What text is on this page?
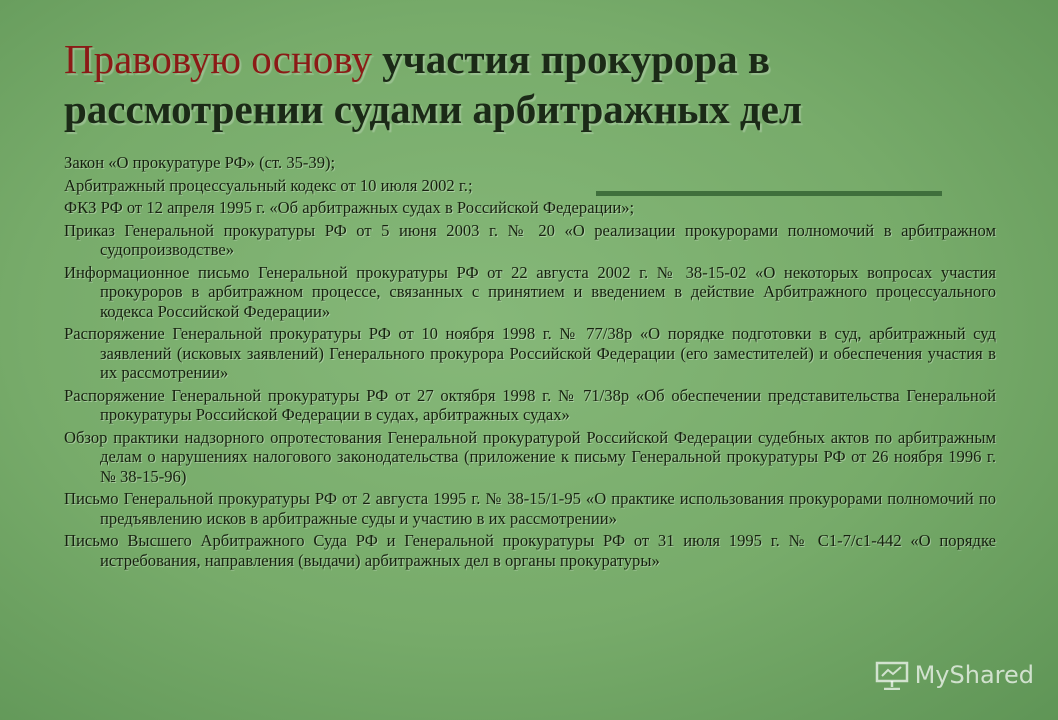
Правовую основу участия прокурора в рассмотрении судами арбитражных дел
Закон «О прокуратуре РФ» (ст. 35-39);
Арбитражный процессуальный кодекс от 10 июля 2002 г.;
ФКЗ РФ от 12 апреля 1995 г. «Об арбитражных судах в Российской Федерации»;
Приказ Генеральной прокуратуры РФ от 5 июня 2003 г. № 20 «О реализации прокурорами полномочий в арбитражном судопроизводстве»
Информационное письмо Генеральной прокуратуры РФ от 22 августа 2002 г. № 38-15-02 «О некоторых вопросах участия прокуроров в арбитражном процессе, связанных с принятием и введением в действие Арбитражного процессуального кодекса Российской Федерации»
Распоряжение Генеральной прокуратуры РФ от 10 ноября 1998 г. № 77/38р «О порядке подготовки в суд, арбитражный суд заявлений (исковых заявлений) Генерального прокурора Российской Федерации (его заместителей) и обеспечения участия в их рассмотрении»
Распоряжение Генеральной прокуратуры РФ от 27 октября 1998 г. № 71/38р «Об обеспечении представительства Генеральной прокуратуры Российской Федерации в судах, арбитражных судах»
Обзор практики надзорного опротестования Генеральной прокуратурой Российской Федерации судебных актов по арбитражным делам о нарушениях налогового законодательства (приложение к письму Генеральной прокуратуры РФ от 26 ноября 1996 г. № 38-15-96)
Письмо Генеральной прокуратуры РФ от 2 августа 1995 г. № 38-15/1-95 «О практике использования прокурорами полномочий по предъявлению исков в арбитражные суды и участию в их рассмотрении»
Письмо Высшего Арбитражного Суда РФ и Генеральной прокуратуры РФ от 31 июля 1995 г. № С1-7/с1-442 «О порядке истребования, направления (выдачи) арбитражных дел в органы прокуратуры»
MyShared
